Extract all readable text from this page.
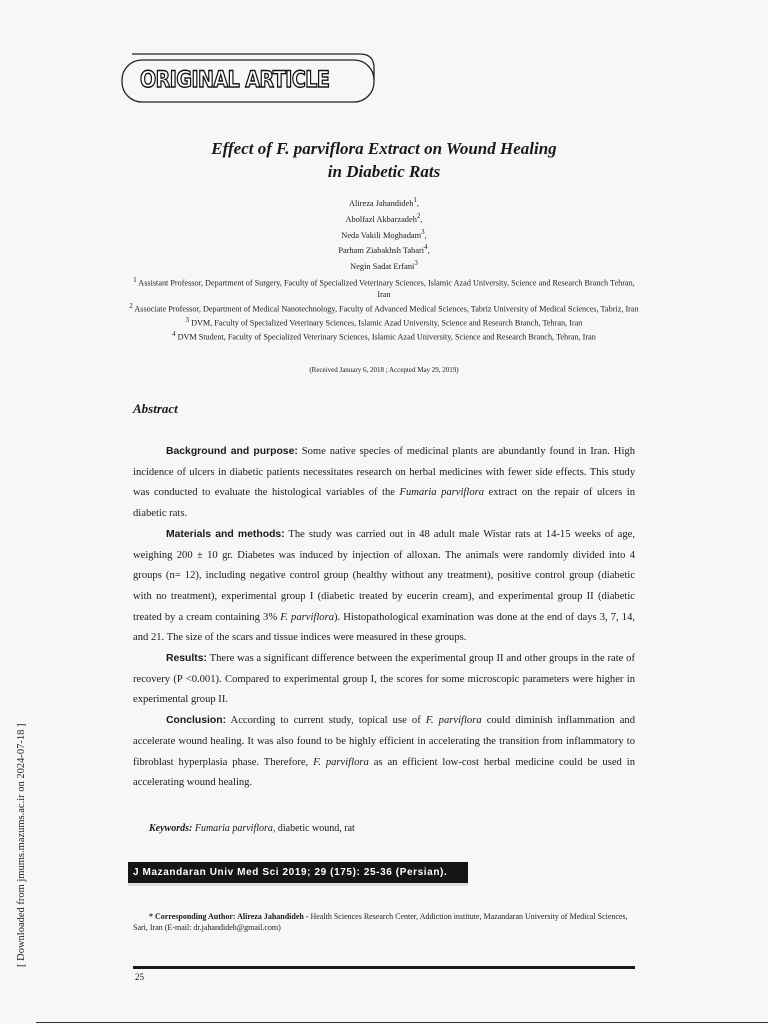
ORIGINAL ARTICLE
Effect of F. parviflora Extract on Wound Healing
in Diabetic Rats
Alireza Jahandideh$^1$,
Abolfazl Akbarzadeh$^2$,
Neda Vakili Moghadam$^3$,
Parham Ziabakhsh Tabari$^4$,
Negin Sadat Erfani$^3$
$^1$ Assistant Professor, Department of Surgery, Faculty of Specialized Veterinary Sciences, Islamic Azad University, Science and Research Branch Tehran, Iran
$^2$ Associate Professor, Department of Medical Nanotechnology, Faculty of Advanced Medical Sciences, Tabriz University of Medical Sciences, Tabriz, Iran
$^3$ DVM, Faculty of Specialized Veterinary Sciences, Islamic Azad University, Science and Research Branch, Tehran, Iran
$^4$ DVM Student, Faculty of Specialized Veterinary Sciences, Islamic Azad University, Science and Research Branch, Tehran, Iran
(Received January 6, 2018 ; Accepted May 29, 2019)
Abstract

Background and purpose: Some native species of medicinal plants are abundantly found in Iran. High incidence of ulcers in diabetic patients necessitates research on herbal medicines with fewer side effects. This study was conducted to evaluate the histological variables of the Fumaria parviflora extract on the repair of ulcers in diabetic rats.

Materials and methods: The study was carried out in 48 adult male Wistar rats at 14-15 weeks of age, weighing 200 ± 10 gr. Diabetes was induced by injection of alloxan. The animals were randomly divided into 4 groups (n= 12), including negative control group (healthy without any treatment), positive control group (diabetic with no treatment), experimental group I (diabetic treated by eucerin cream), and experimental group II (diabetic treated by a cream containing 3% F. parviflora). Histopathological examination was done at the end of days 3, 7, 14, and 21. The size of the scars and tissue indices were measured in these groups.

Results: There was a significant difference between the experimental group II and other groups in the rate of recovery (P <0.001). Compared to experimental group I, the scores for some microscopic parameters were higher in experimental group II.

Conclusion: According to current study, topical use of F. parviflora could diminish inflammation and accelerate wound healing. It was also found to be highly efficient in accelerating the transition from inflammatory to fibroblast hyperplasia phase. Therefore, F. parviflora as an efficient low-cost herbal medicine could be used in accelerating wound healing.

Keywords: Fumaria parviflora, diabetic wound, rat
J Mazandaran Univ Med Sci 2019; 29 (175): 25-36 (Persian).
* Corresponding Author: Alireza Jahandideh - Health Sciences Research Center, Addiction institute, Mazandaran University of Medical Sciences, Sari, Iran (E-mail: dr.jahandideh@gmail.com)
25
[ Downloaded from jmums.mazums.ac.ir on 2024-07-18 ]
